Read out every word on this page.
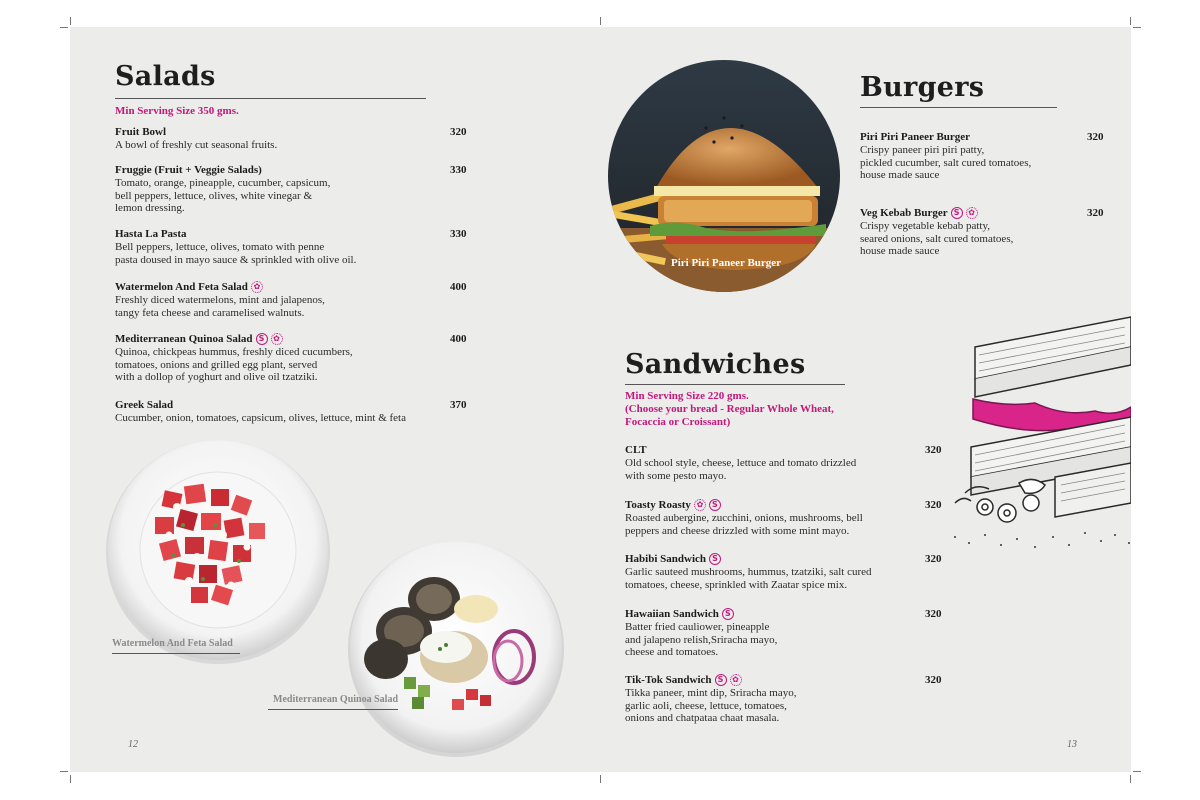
Salads
Min Serving Size 350 gms.
Fruit Bowl
A bowl of freshly cut seasonal fruits.
320
Fruggie (Fruit + Veggie Salads)
Tomato, orange, pineapple, cucumber, capsicum,
bell peppers, lettuce, olives, white vinegar &
lemon dressing.
330
Hasta La Pasta
Bell peppers, lettuce, olives, tomato with penne
pasta doused in mayo sauce & sprinkled with olive oil.
330
Watermelon And Feta Salad ✿
Freshly diced watermelons, mint and jalapenos,
tangy feta cheese and caramelised walnuts.
400
Mediterranean Quinoa Salad S	✿
Quinoa, chickpeas hummus, freshly diced cucumbers,
tomatoes, onions and grilled egg plant, served
with a dollop of yoghurt and olive oil tzatziki.
400
Greek Salad
Cucumber, onion, tomatoes, capsicum, olives, lettuce, mint & feta
370
Watermelon And Feta Salad
Mediterranean Quinoa Salad
12
Piri Piri Paneer Burger
Burgers
Piri Piri Paneer Burger
Crispy paneer piri piri patty,
pickled cucumber, salt cured tomatoes,
house made sauce
320
Veg Kebab Burger S	✿
Crispy vegetable kebab patty,
seared onions, salt cured tomatoes,
house made sauce
320
Sandwiches
Min Serving Size 220 gms.
(Choose your bread - Regular Whole Wheat,
Focaccia or Croissant)
CLT
Old school style, cheese, lettuce and tomato drizzled
with some pesto mayo.
320
Toasty Roasty ✿	S
Roasted aubergine, zucchini, onions, mushrooms, bell
peppers and cheese drizzled with some mint mayo.
320
Habibi Sandwich S
Garlic sauteed mushrooms, hummus, tzatziki, salt cured
tomatoes, cheese, sprinkled with Zaatar spice mix.
320
Hawaiian Sandwich S
Batter fried cauliower, pineapple
and jalapeno relish,Sriracha mayo,
cheese and tomatoes.
320
Tik-Tok Sandwich S	✿
Tikka paneer, mint dip, Sriracha mayo,
garlic aoli, cheese, lettuce, tomatoes,
onions and chatpataa chaat masala.
320
13
